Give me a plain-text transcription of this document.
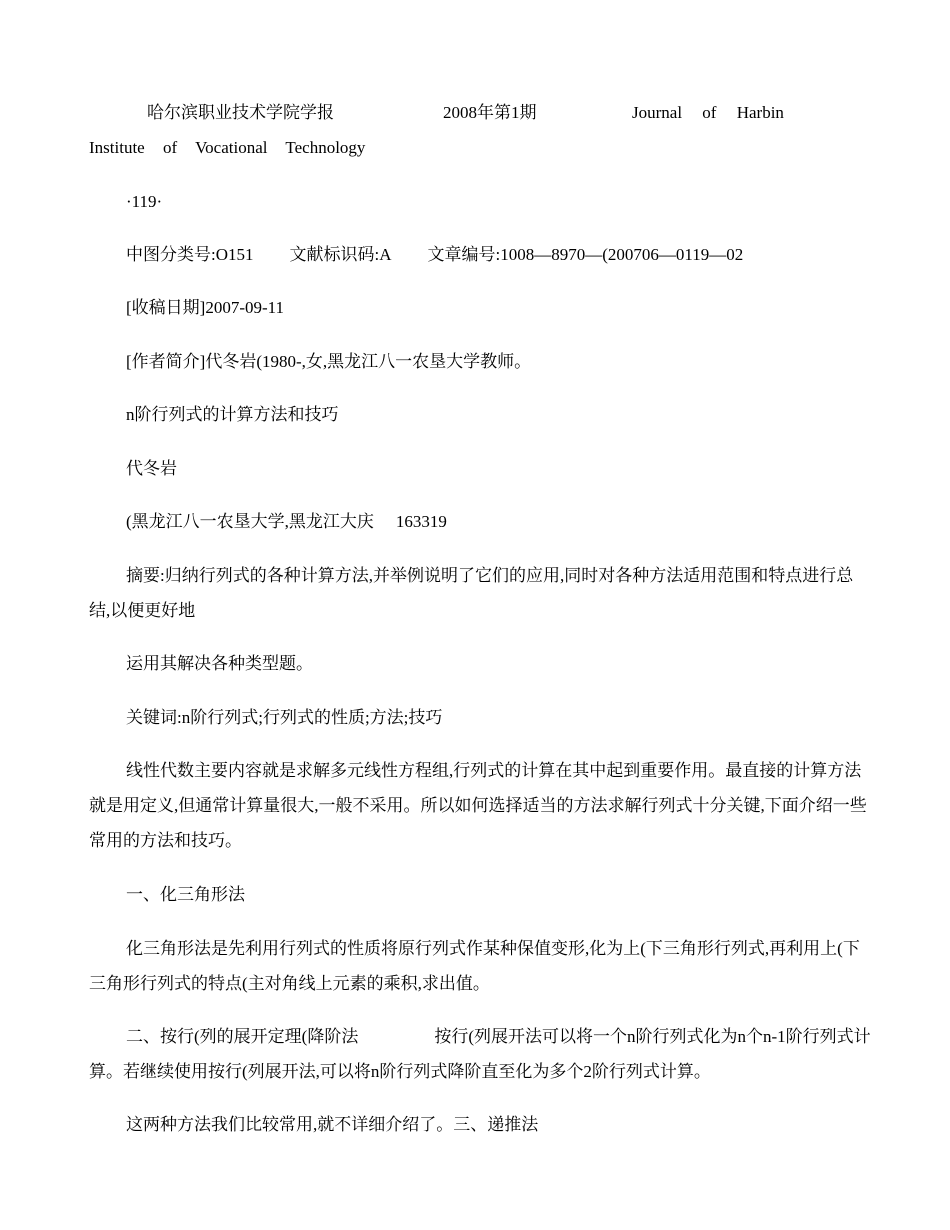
哈尔滨职业技术学院学报	2008年第1期	Journal of Harbin
Institute of Vocational Technology
·119·
中图分类号:O151 文献标识码:A 文章编号:1008—8970—(200706—0119—02
[收稿日期]2007-09-11
[作者简介]代冬岩(1980-,女,黑龙江八一农垦大学教师。
n阶行列式的计算方法和技巧
代冬岩
(黑龙江八一农垦大学,黑龙江大庆 163319
摘要:归纳行列式的各种计算方法,并举例说明了它们的应用,同时对各种方法适用范围和特点进行总结,以便更好地
运用其解决各种类型题。
关键词:n阶行列式;行列式的性质;方法;技巧
线性代数主要内容就是求解多元线性方程组,行列式的计算在其中起到重要作用。最直接的计算方法就是用定义,但通常计算量很大,一般不采用。所以如何选择适当的方法求解行列式十分关键,下面介绍一些常用的方法和技巧。
一、化三角形法
化三角形法是先利用行列式的性质将原行列式作某种保值变形,化为上(下三角形行列式,再利用上(下三角形行列式的特点(主对角线上元素的乘积,求出值。
二、按行(列的展开定理(降阶法	按行(列展开法可以将一个n阶行列式化为n个n-1阶行列式计算。若继续使用按行(列展开法,可以将n阶行列式降阶直至化为多个2阶行列式计算。
这两种方法我们比较常用,就不详细介绍了。三、递推法
